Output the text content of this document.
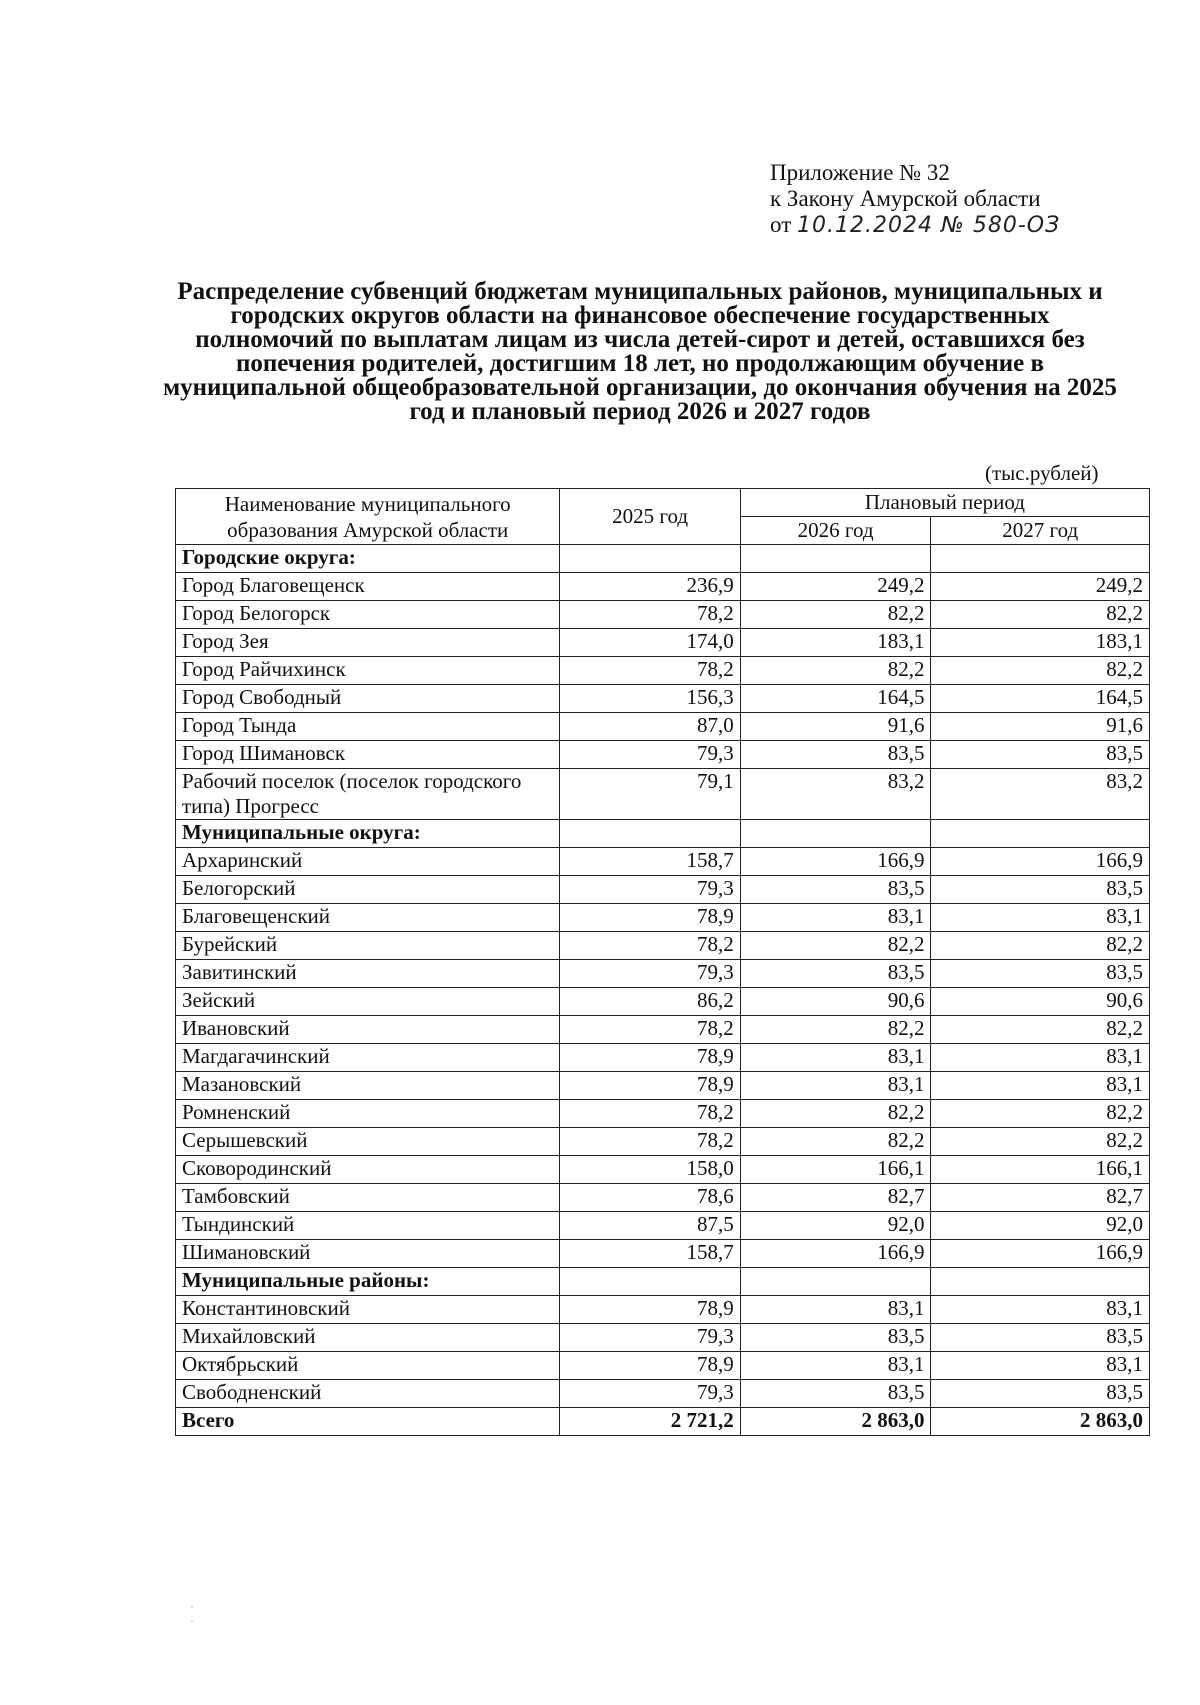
Приложение № 32
к Закону Амурской области
от 10.12.2024 № 580-ОЗ
Распределение субвенций бюджетам муниципальных районов, муниципальных и городских округов области на финансовое обеспечение государственных полномочий по выплатам лицам из числа детей-сирот и детей, оставшихся без попечения родителей, достигшим 18 лет, но продолжающим обучение в муниципальной общеобразовательной организации, до окончания обучения на 2025 год и плановый период 2026 и 2027 годов
(тыс.рублей)
Наименование муниципального образования Амурской области	2025 год	Плановый период	
		2026 год	2027 год
Городские округа:			
Город Благовещенск	236,9	249,2	249,2
Город Белогорск	78,2	82,2	82,2
Город Зея	174,0	183,1	183,1
Город Райчихинск	78,2	82,2	82,2
Город Свободный	156,3	164,5	164,5
Город Тында	87,0	91,6	91,6
Город Шимановск	79,3	83,5	83,5
Рабочий поселок (поселок городского типа) Прогресс	79,1	83,2	83,2
Муниципальные округа:			
Архаринский	158,7	166,9	166,9
Белогорский	79,3	83,5	83,5
Благовещенский	78,9	83,1	83,1
Бурейский	78,2	82,2	82,2
Завитинский	79,3	83,5	83,5
Зейский	86,2	90,6	90,6
Ивановский	78,2	82,2	82,2
Магдагачинский	78,9	83,1	83,1
Мазановский	78,9	83,1	83,1
Ромненский	78,2	82,2	82,2
Серышевский	78,2	82,2	82,2
Сковородинский	158,0	166,1	166,1
Тамбовский	78,6	82,7	82,7
Тындинский	87,5	92,0	92,0
Шимановский	158,7	166,9	166,9
Муниципальные районы:			
Константиновский	78,9	83,1	83,1
Михайловский	79,3	83,5	83,5
Октябрьский	78,9	83,1	83,1
Свободненский	79,3	83,5	83,5
Всего	2 721,2	2 863,0	2 863,0
·
·
